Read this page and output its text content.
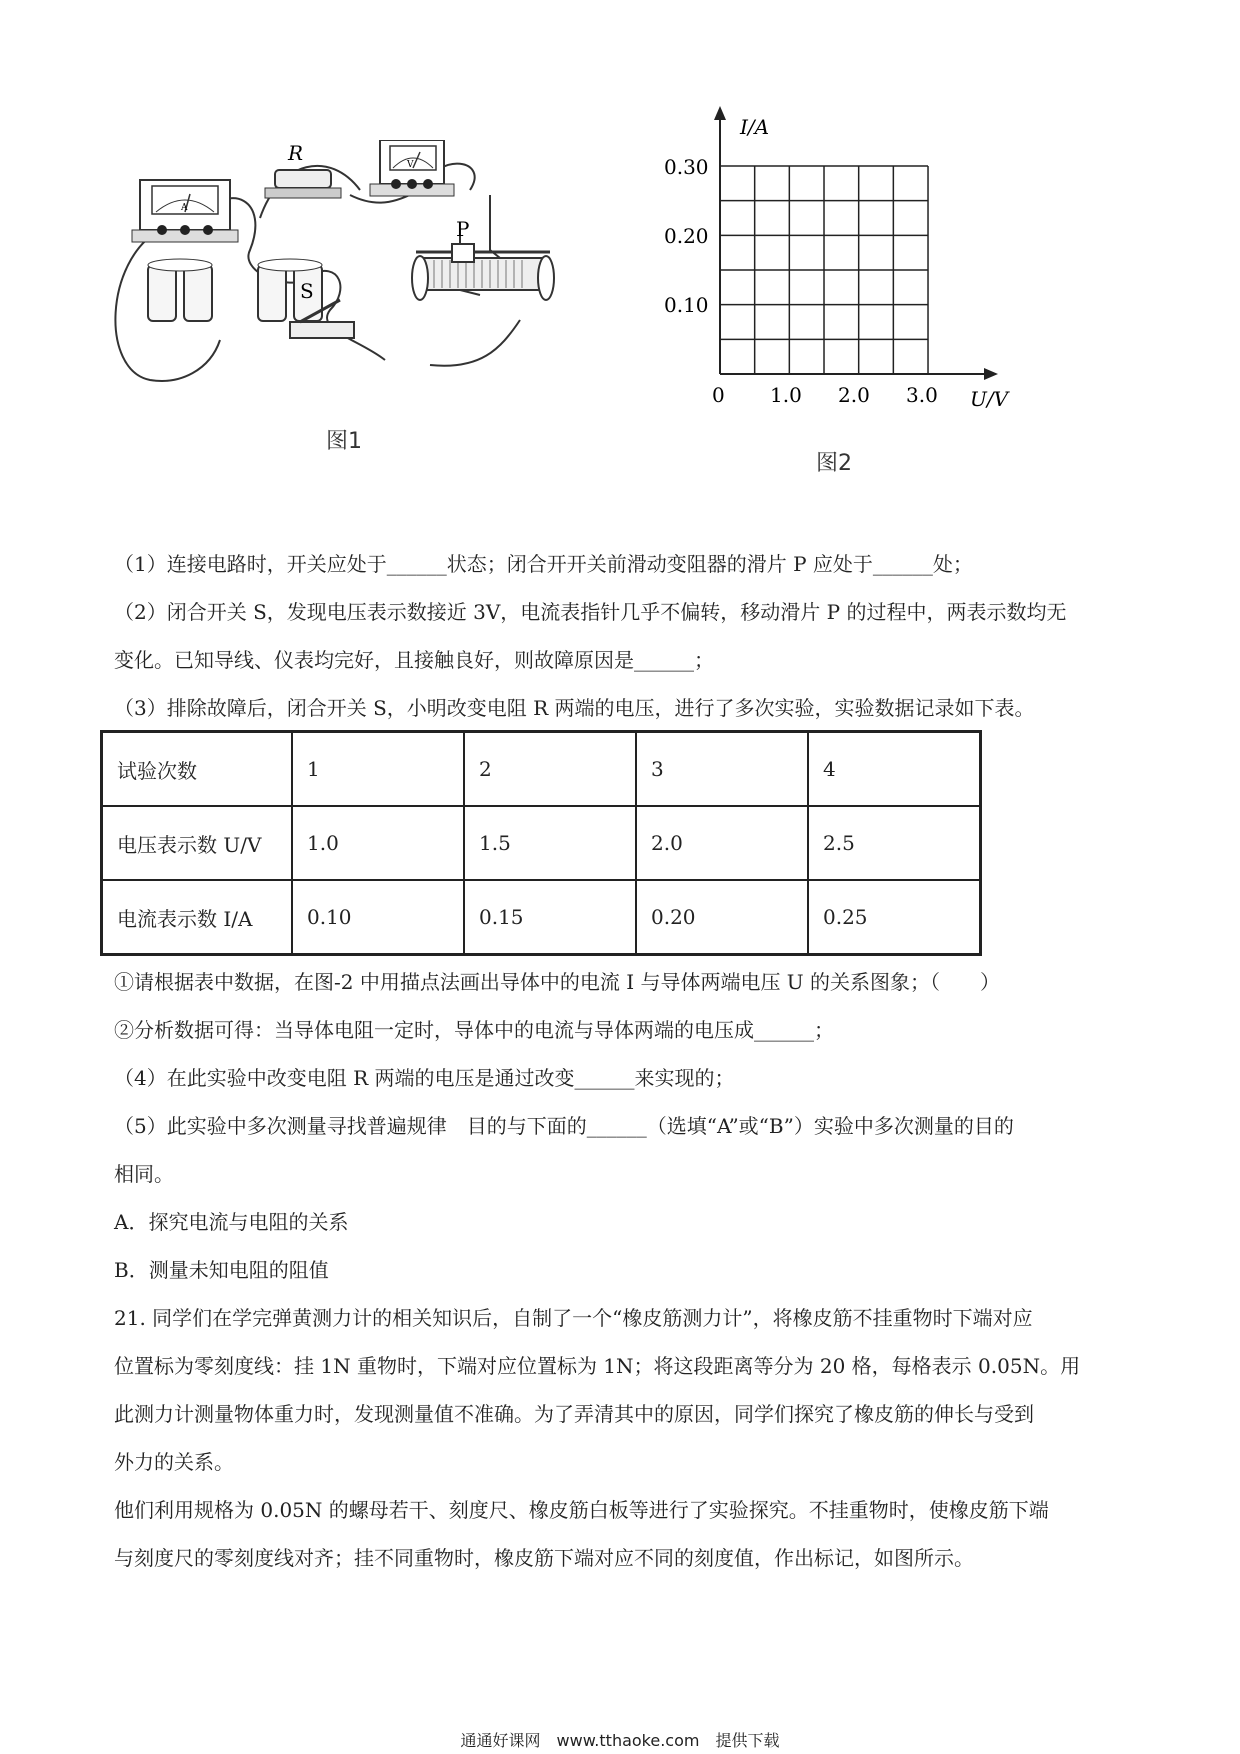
A
R	V
S
P
图1
I/A
U/V
0.30
0.20
0.10
0 1.0 2.0 3.0
图2

（1）连接电路时，开关应处于______状态；闭合开开关前滑动变阻器的滑片 P 应处于______处；

（2）闭合开关 S，发现电压表示数接近 3V，电流表指针几乎不偏转，移动滑片 P 的过程中，两表示数均无

变化。已知导线、仪表均完好，且接触良好，则故障原因是______；

（3）排除故障后，闭合开关 S，小明改变电阻 R 两端的电压，进行了多次实验，实验数据记录如下表。

试验次数	1	2	3	4
电压表示数 U/V	1.0	1.5	2.0	2.5
电流表示数 I/A	0.10	0.15	0.20	0.25

①请根据表中数据，在图-2 中用描点法画出导体中的电流 I 与导体两端电压 U 的关系图象；（　　）

②分析数据可得：当导体电阻一定时，导体中的电流与导体两端的电压成______；

（4）在此实验中改变电阻 R 两端的电压是通过改变______来实现的；

（5）此实验中多次测量寻找普遍规律　目的与下面的______（选填“A”或“B”）实验中多次测量的目的

相同。

A．探究电流与电阻的关系

B．测量未知电阻的阻值

21. 同学们在学完弹黄测力计的相关知识后，自制了一个“橡皮筋测力计”，将橡皮筋不挂重物时下端对应

位置标为零刻度线：挂 1N 重物时，下端对应位置标为 1N；将这段距离等分为 20 格，每格表示 0.05N。用

此测力计测量物体重力时，发现测量值不准确。为了弄清其中的原因，同学们探究了橡皮筋的伸长与受到

外力的关系。

他们利用规格为 0.05N 的螺母若干、刻度尺、橡皮筋白板等进行了实验探究。不挂重物时，使橡皮筋下端

与刻度尺的零刻度线对齐；挂不同重物时，橡皮筋下端对应不同的刻度值，作出标记，如图所示。

通通好课网　www.tthaoke.com　提供下载
